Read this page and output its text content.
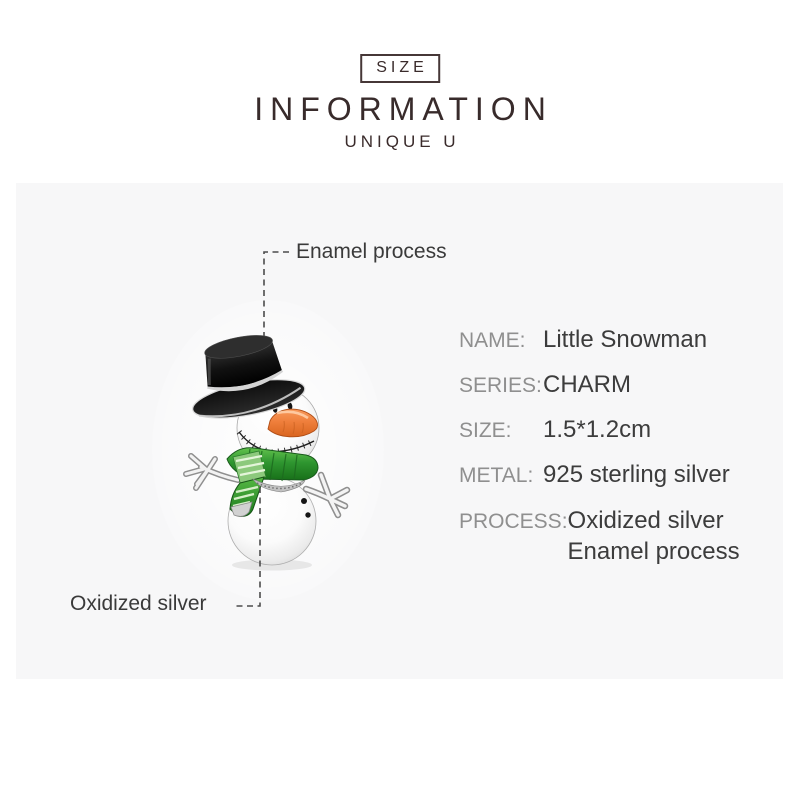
SIZE
INFORMATION
UNIQUE U
Enamel process
Oxidized silver
NAME: Little Snowman
SERIES: CHARM
SIZE:	1.5*1.2cm
METAL: 925 sterling silver
PROCESS: Oxidized silver
Enamel process
